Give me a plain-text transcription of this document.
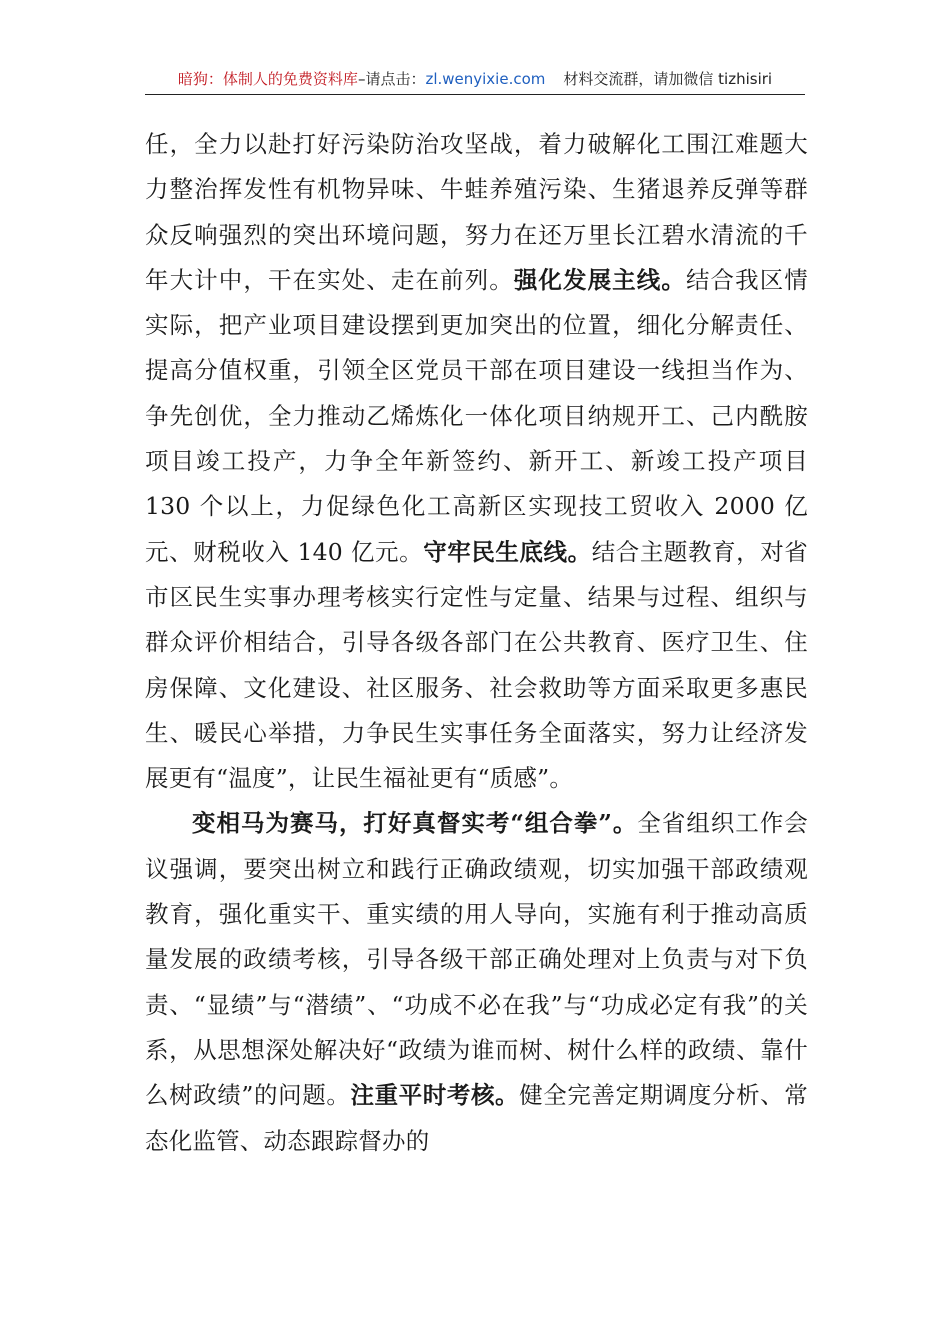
暗狗：体制人的免费资料库–请点击：zl.wenyixie.com 材料交流群，请加微信 tizhisiri

任，全力以赴打好污染防治攻坚战，着力破解化工围江难题大力整治挥发性有机物异味、牛蛙养殖污染、生猪退养反弹等群众反响强烈的突出环境问题，努力在还万里长江碧水清流的千年大计中，干在实处、走在前列。强化发展主线。结合我区情实际，把产业项目建设摆到更加突出的位置，细化分解责任、提高分值权重，引领全区党员干部在项目建设一线担当作为、争先创优，全力推动乙烯炼化一体化项目纳规开工、己内酰胺项目竣工投产，力争全年新签约、新开工、新竣工投产项目 130 个以上，力促绿色化工高新区实现技工贸收入 2000 亿元、财税收入 140 亿元。守牢民生底线。结合主题教育，对省市区民生实事办理考核实行定性与定量、结果与过程、组织与群众评价相结合，引导各级各部门在公共教育、医疗卫生、住房保障、文化建设、社区服务、社会救助等方面采取更多惠民生、暖民心举措，力争民生实事任务全面落实，努力让经济发展更有“温度”，让民生福祉更有“质感”。

变相马为赛马，打好真督实考“组合拳”。全省组织工作会议强调，要突出树立和践行正确政绩观，切实加强干部政绩观教育，强化重实干、重实绩的用人导向，实施有利于推动高质量发展的政绩考核，引导各级干部正确处理对上负责与对下负责、“显绩”与“潜绩”、“功成不必在我”与“功成必定有我”的关系，从思想深处解决好“政绩为谁而树、树什么样的政绩、靠什么树政绩”的问题。注重平时考核。健全完善定期调度分析、常态化监管、动态跟踪督办的
